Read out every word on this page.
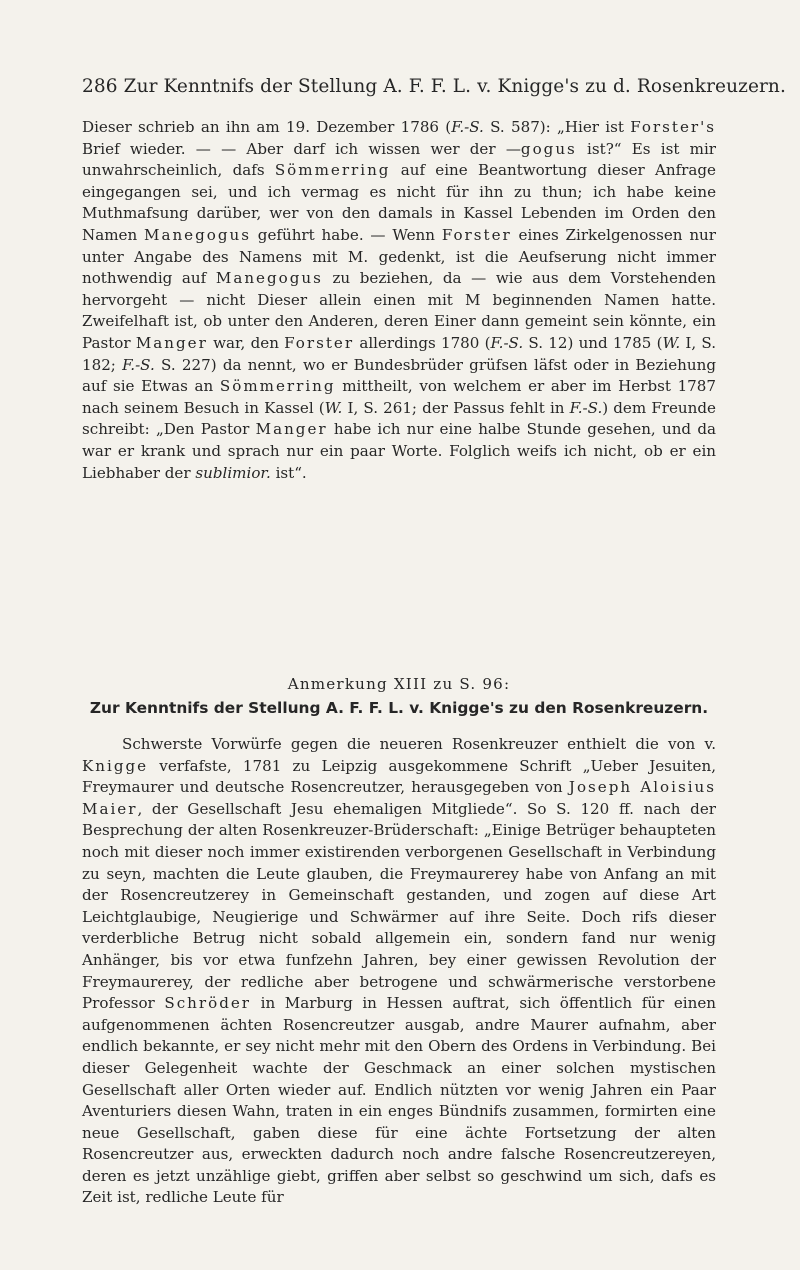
286 Zur Kenntnifs der Stellung A. F. F. L. v. Knigge's zu d. Rosenkreuzern.

Dieser schrieb an ihn am 19. Dezember 1786 (F.-S. S. 587): „Hier ist Forster's Brief wieder. — — Aber darf ich wissen wer der —gogus ist?“ Es ist mir unwahrscheinlich, dafs Sömmerring auf eine Beantwortung dieser Anfrage eingegangen sei, und ich vermag es nicht für ihn zu thun; ich habe keine Muthmafsung darüber, wer von den damals in Kassel Lebenden im Orden den Namen Manegogus geführt habe. — Wenn Forster eines Zirkelgenossen nur unter Angabe des Namens mit M. gedenkt, ist die Aeufserung nicht immer nothwendig auf Manegogus zu beziehen, da — wie aus dem Vorstehenden hervorgeht — nicht Dieser allein einen mit M beginnenden Namen hatte. Zweifelhaft ist, ob unter den Anderen, deren Einer dann gemeint sein könnte, ein Pastor Manger war, den Forster allerdings 1780 (F.-S. S. 12) und 1785 (W. I, S. 182; F.-S. S. 227) da nennt, wo er Bundesbrüder grüfsen läfst oder in Beziehung auf sie Etwas an Sömmerring mittheilt, von welchem er aber im Herbst 1787 nach seinem Besuch in Kassel (W. I, S. 261; der Passus fehlt in F.-S.) dem Freunde schreibt: „Den Pastor Manger habe ich nur eine halbe Stunde gesehen, und da war er krank und sprach nur ein paar Worte. Folglich weifs ich nicht, ob er ein Liebhaber der sublimior. ist“.

Anmerkung XIII zu S. 96:
Zur Kenntnifs der Stellung A. F. F. L. v. Knigge's zu den Rosenkreuzern.

Schwerste Vorwürfe gegen die neueren Rosenkreuzer enthielt die von v. Knigge verfafste, 1781 zu Leipzig ausgekommene Schrift „Ueber Jesuiten, Freymaurer und deutsche Rosencreutzer, herausgegeben von Joseph Aloisius Maier, der Gesellschaft Jesu ehemaligen Mitgliede“. So S. 120 ff. nach der Besprechung der alten Rosenkreuzer-Brüderschaft: „Einige Betrüger behaupteten noch mit dieser noch immer existirenden verborgenen Gesellschaft in Verbindung zu seyn, machten die Leute glauben, die Freymaurerey habe von Anfang an mit der Rosencreutzerey in Gemeinschaft gestanden, und zogen auf diese Art Leichtglaubige, Neugierige und Schwärmer auf ihre Seite. Doch rifs dieser verderbliche Betrug nicht sobald allgemein ein, sondern fand nur wenig Anhänger, bis vor etwa funfzehn Jahren, bey einer gewissen Revolution der Freymaurerey, der redliche aber betrogene und schwärmerische verstorbene Professor Schröder in Marburg in Hessen auftrat, sich öffentlich für einen aufgenommenen ächten Rosencreutzer ausgab, andre Maurer aufnahm, aber endlich bekannte, er sey nicht mehr mit den Obern des Ordens in Verbindung. Bei dieser Gelegenheit wachte der Geschmack an einer solchen mystischen Gesellschaft aller Orten wieder auf. Endlich nützten vor wenig Jahren ein Paar Aventuriers diesen Wahn, traten in ein enges Bündnifs zusammen, formirten eine neue Gesellschaft, gaben diese für eine ächte Fortsetzung der alten Rosencreutzer aus, erweckten dadurch noch andre falsche Rosencreutzereyen, deren es jetzt unzählige giebt, griffen aber selbst so geschwind um sich, dafs es Zeit ist, redliche Leute für
